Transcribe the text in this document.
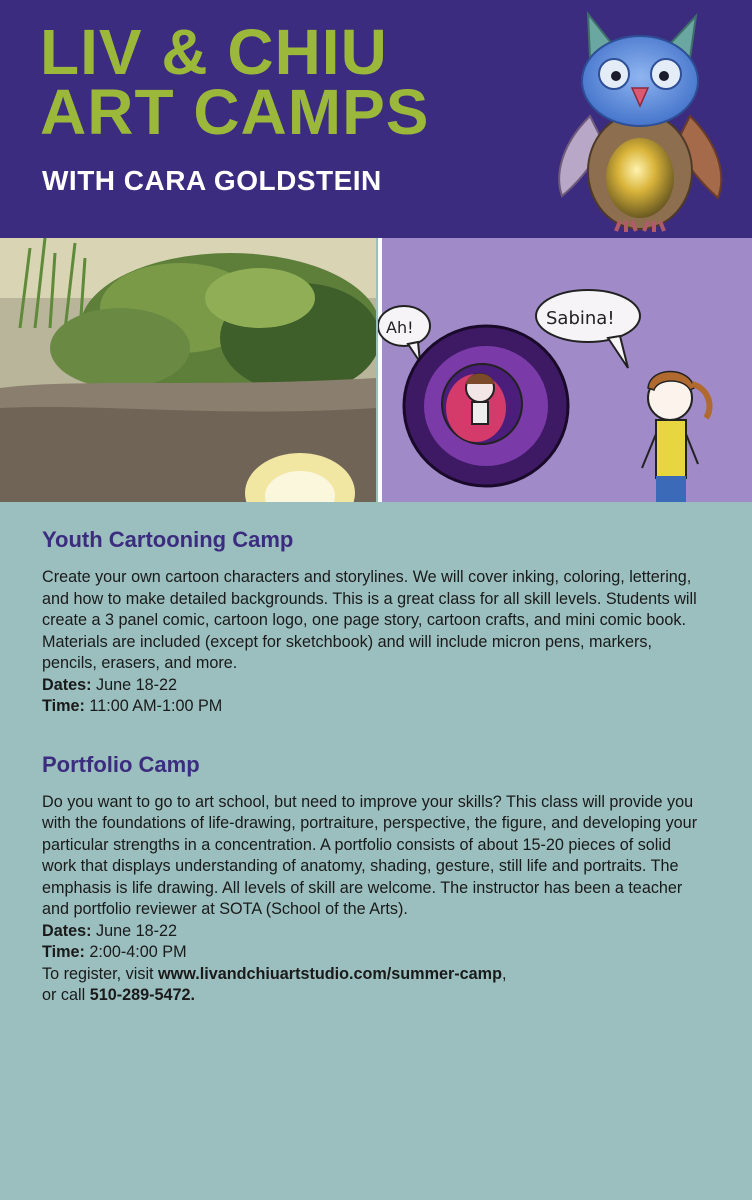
LIV & CHIU
ART CAMPS

WITH CARA GOLDSTEIN

Ah!	Sabina!
Youth Cartooning Camp

Create your own cartoon characters and storylines. We will cover inking, coloring, lettering, and how to make detailed backgrounds. This is a great class for all skill levels. Students will create a 3 panel comic, cartoon logo, one page story, cartoon crafts, and mini comic book. Materials are included (except for sketchbook) and will include micron pens, markers, pencils, erasers, and more.

Dates: June 18-22

Time: 11:00 AM-1:00 PM

Portfolio Camp

Do you want to go to art school, but need to improve your skills? This class will provide you with the foundations of life-drawing, portraiture, perspective, the figure, and developing your particular strengths in a concentration. A portfolio consists of about 15-20 pieces of solid work that displays understanding of anatomy, shading, gesture, still life and portraits. The emphasis is life drawing. All levels of skill are welcome. The instructor has been a teacher and portfolio reviewer at SOTA (School of the Arts).

Dates: June 18-22

Time: 2:00-4:00 PM

To register, visit www.livandchiuartstudio.com/summer-camp,
or call 510-289-5472.
